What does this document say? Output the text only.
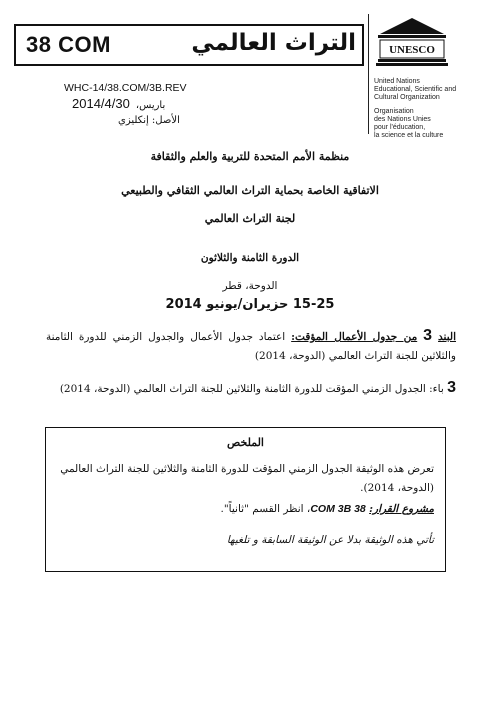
38 COM	التراث العالمي	UNESCO
United Nations
Educational, Scientific and
Cultural Organization
Organisation
des Nations Unies
pour l'éducation,
la science et la culture
WHC-14/38.COM/3B.REV
2014/4/30 باريس،
الأصل: إنكليزي
منظمة الأمم المتحدة للتربية والعلم والثقافة
الاتفاقية الخاصة بحماية التراث العالمي الثقافي والطبيعي
لجنة التراث العالمي
الدورة الثامنة والثلاثون
الدوحة، قطر
15-25 حزيران/يونيو 2014
البند 3 من جدول الأعمال المؤقت: اعتماد جدول الأعمال والجدول الزمني للدورة الثامنة والثلاثين للجنة التراث العالمي (الدوحة، 2014)
3 باء: الجدول الزمني المؤقت للدورة الثامنة والثلاثين للجنة التراث العالمي (الدوحة، 2014)
الملخص
تعرض هذه الوثيقة الجدول الزمني المؤقت للدورة الثامنة والثلاثين للجنة التراث العالمي (الدوحة، 2014).
مشروع القرار: 38 COM 3B، انظر القسم "ثانياً".
تأتي هذه الوثيقة بدلا عن الوثيقة السابقة و تلغيها
